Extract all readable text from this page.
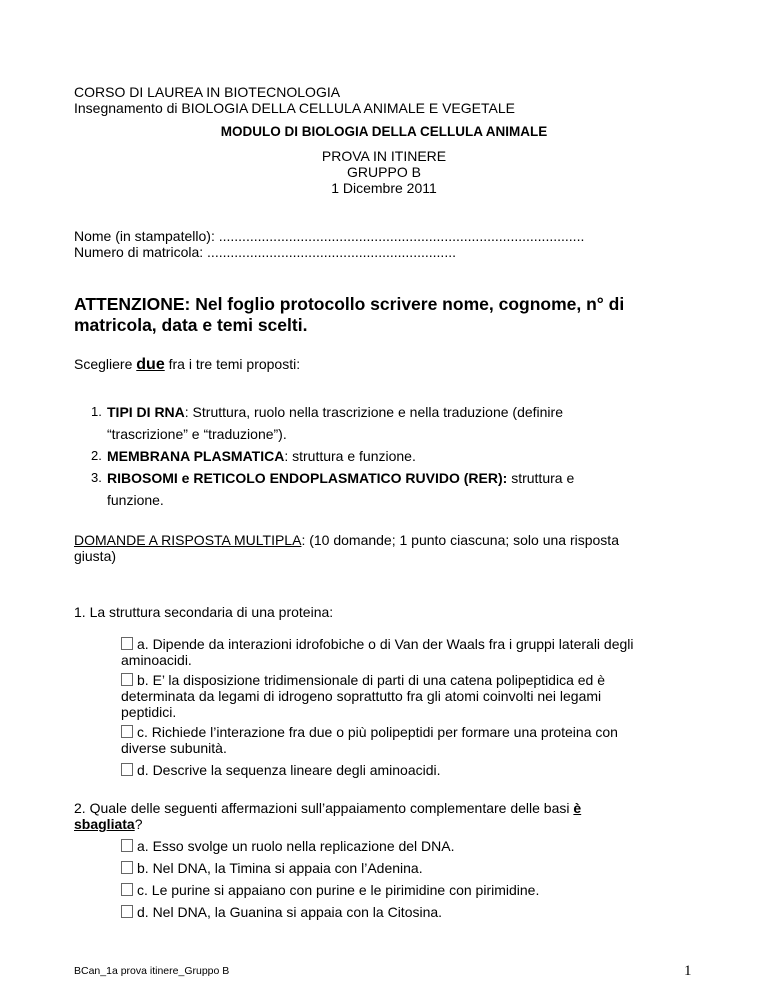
CORSO DI LAUREA IN BIOTECNOLOGIA
Insegnamento di BIOLOGIA DELLA CELLULA ANIMALE E VEGETALE
MODULO DI BIOLOGIA DELLA CELLULA ANIMALE
PROVA IN ITINERE
GRUPPO B
1 Dicembre 2011
Nome (in stampatello): ..............................................................................................
Numero di matricola: ................................................................
ATTENZIONE: Nel foglio protocollo scrivere nome, cognome, n° di
matricola, data e temi scelti.
Scegliere due fra i tre temi proposti:
1. TIPI DI RNA: Struttura, ruolo nella trascrizione e nella traduzione (definire
“trascrizione” e “traduzione”).
2. MEMBRANA PLASMATICA: struttura e funzione.
3. RIBOSOMI e RETICOLO ENDOPLASMATICO RUVIDO (RER): struttura e
funzione.
DOMANDE A RISPOSTA MULTIPLA: (10 domande; 1 punto ciascuna; solo una risposta
giusta)
1. La struttura secondaria di una proteina:
a. Dipende da interazioni idrofobiche o di Van der Waals fra i gruppi laterali degli
aminoacidi.
b. E’ la disposizione tridimensionale di parti di una catena polipeptidica ed è
determinata da legami di idrogeno soprattutto fra gli atomi coinvolti nei legami
peptidici.
c. Richiede l’interazione fra due o più polipeptidi per formare una proteina con
diverse subunità.
d. Descrive la sequenza lineare degli aminoacidi.
2. Quale delle seguenti affermazioni sull’appaiamento complementare delle basi è
sbagliata?
a. Esso svolge un ruolo nella replicazione del DNA.
b. Nel DNA, la Timina si appaia con l’Adenina.
c. Le purine si appaiano con purine e le pirimidine con pirimidine.
d. Nel DNA, la Guanina si appaia con la Citosina.
BCan_1a prova itinere_Gruppo B	1
